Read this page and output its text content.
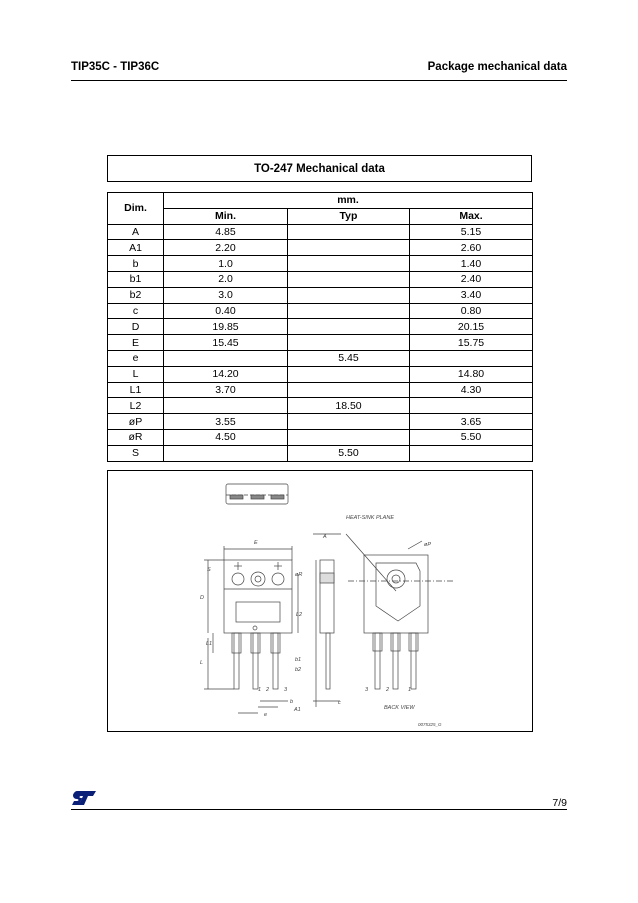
TIP35C - TIP36C	Package mechanical data
TO-247 Mechanical data
Dim.	mm.		
	Min.	Typ	Max.
A	4.85		5.15
A1	2.20		2.60
b	1.0		1.40
b1	2.0		2.40
b2	3.0		3.40
c	0.40		0.80
D	19.85		20.15
E	15.45		15.75
e		5.45	
L	14.20		14.80
L1	3.70		4.30
L2		18.50	
øP	3.55		3.65
øR	4.50		5.50
S		5.50	
HEAT-SINK PLANE
E
A
øP
S
øR
D
L2
L1
L	b1
b2
b
e
A1
c
1 2	3	3	2	1
BACK VIEW
0075325_G
7/9
